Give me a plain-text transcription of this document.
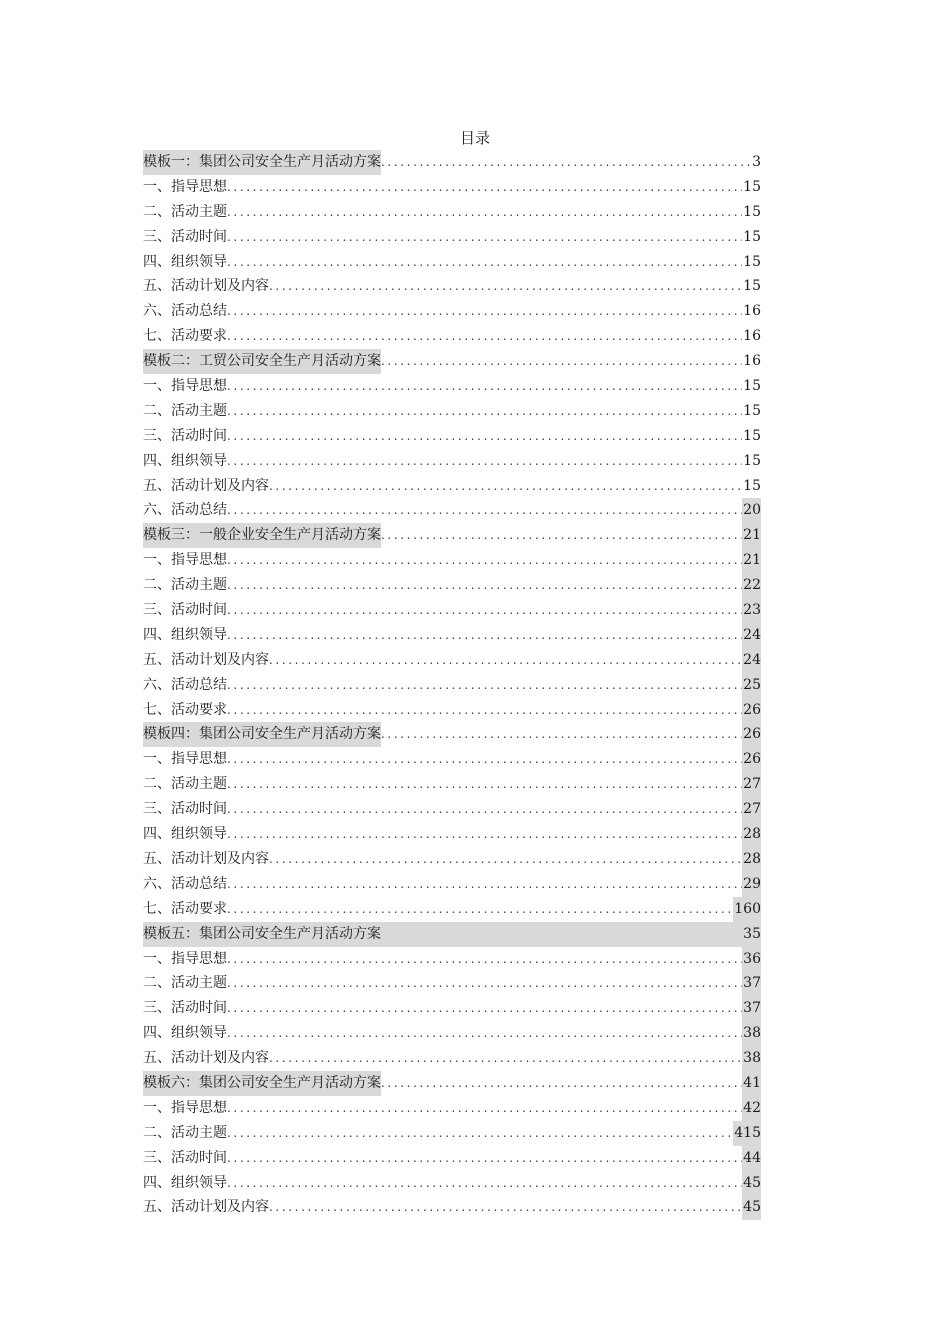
目录
模板一：集团公司安全生产月活动方案 .....	3
一、指导思想 .....	15
二、活动主题 .....	15
三、活动时间 .....	15
四、组织领导 .....	15
五、活动计划及内容 .....	15
六、活动总结 .....	16
七、活动要求 .....	16
模板二：工贸公司安全生产月活动方案 .....	16
一、指导思想 .....	15
二、活动主题 .....	15
三、活动时间 .....	15
四、组织领导 .....	15
五、活动计划及内容 .....	15
六、活动总结 .....	20
模板三：一般企业安全生产月活动方案 .....	21
一、指导思想 .....	21
二、活动主题 .....	22
三、活动时间 .....	23
四、组织领导 .....	24
五、活动计划及内容 .....	24
六、活动总结 .....	25
七、活动要求 .....	26
模板四：集团公司安全生产月活动方案 .....	26
一、指导思想 .....	26
二、活动主题 .....	27
三、活动时间 .....	27
四、组织领导 .....	28
五、活动计划及内容 .....	28
六、活动总结 .....	29
七、活动要求 .....	160
模板五：集团公司安全生产月活动方案	35
一、指导思想 .....	36
二、活动主题 .....	37
三、活动时间 .....	37
四、组织领导 .....	38
五、活动计划及内容 .....	38
模板六：集团公司安全生产月活动方案 .....	41
一、指导思想 .....	42
二、活动主题 .....	415
三、活动时间 .....	44
四、组织领导 .....	45
五、活动计划及内容 .....	45
